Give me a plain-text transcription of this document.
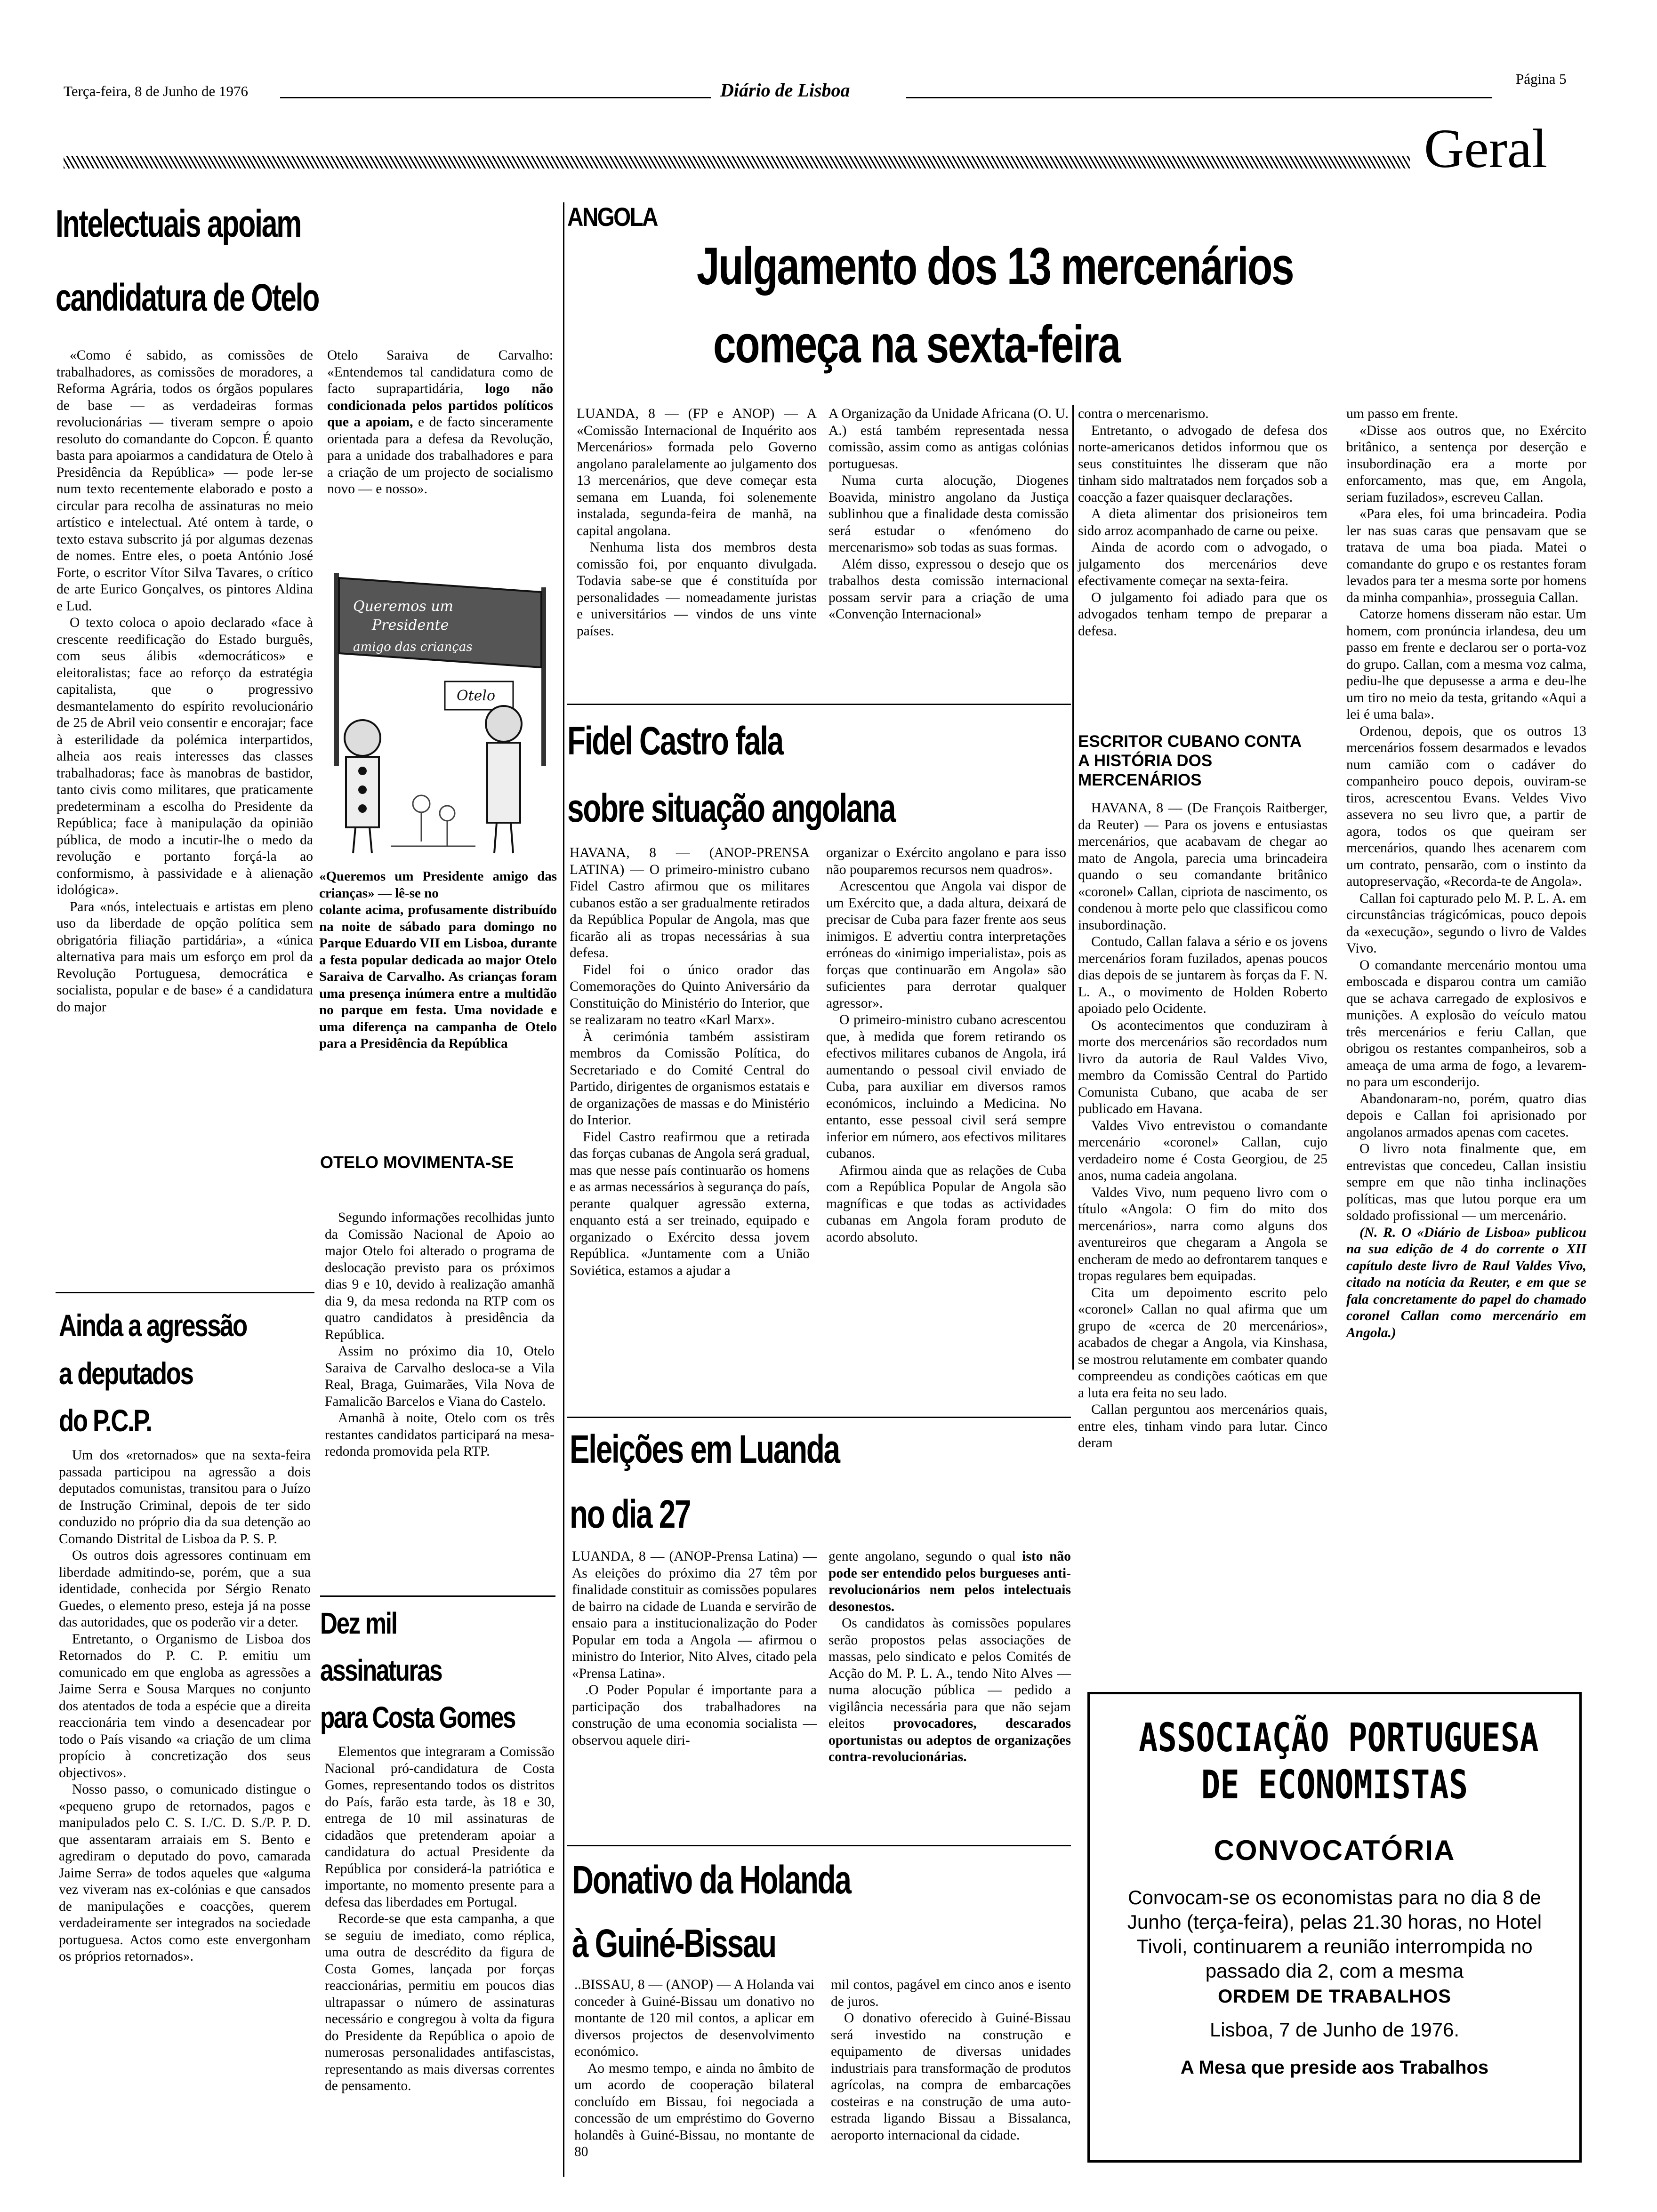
Terça-feira, 8 de Junho de 1976	Diário de Lisboa
Página 5
Geral
Intelectuais apoiam
candidatura de Otelo

«Como é sabido, as comissões de trabalhadores, as comissões de moradores, a Reforma Agrária, todos os órgãos populares de base — as verdadeiras formas revolucionárias — tiveram sempre o apoio resoluto do comandante do Copcon. É quanto basta para apoiarmos a candidatura de Otelo à Presidência da República» — pode ler-se num texto recentemente elaborado e posto a circular para recolha de assinaturas no meio artístico e intelectual. Até ontem à tarde, o texto estava subscrito já por algumas dezenas de nomes. Entre eles, o poeta António José Forte, o escritor Vítor Silva Tavares, o crítico de arte Eurico Gonçalves, os pintores Aldina e Lud.

O texto coloca o apoio declarado «face à crescente reedificação do Estado burguês, com seus álibis «democráticos» e eleitoralistas; face ao reforço da estratégia capitalista, que o progressivo desmantelamento do espírito revolucionário de 25 de Abril veio consentir e encorajar; face à esterilidade da polémica interpartidos, alheia aos reais interesses das classes trabalhadoras; face às manobras de bastidor, tanto civis como militares, que praticamente predeterminam a escolha do Presidente da República; face à manipulação da opinião pública, de modo a incutir-lhe o medo da revolução e portanto forçá-la ao conformismo, à passividade e à alienação idológica».

Para «nós, intelectuais e artistas em pleno uso da liberdade de opção política sem obrigatória filiação partidária», a «única alternativa para mais um esforço em prol da Revolução Portuguesa, democrática e socialista, popular e de base» é a candidatura do major

Otelo Saraiva de Carvalho: «Entendemos tal candidatura como de facto suprapartidária, logo não condicionada pelos partidos políticos que a apoiam, e de facto sinceramente orientada para a defesa da Revolução, para a unidade dos trabalhadores e para a criação de um projecto de socialismo novo — e nosso».

Queremos um
Presidente
amigo das crianças
Otelo

«Queremos um Presidente amigo das crianças» — lê-se no

colante acima, profusamente distribuído na noite de sábado para domingo no Parque Eduardo VII em Lisboa, durante a festa popular dedicada ao major Otelo Saraiva de Carvalho. As crianças foram uma presença inúmera entre a multidão no parque em festa. Uma novidade e uma diferença na campanha de Otelo para a Presidência da República

OTELO MOVIMENTA-SE

Segundo informações recolhidas junto da Comissão Nacional de Apoio ao major Otelo foi alterado o programa de deslocação previsto para os próximos dias 9 e 10, devido à realização amanhã dia 9, da mesa redonda na RTP com os quatro candidatos à presidência da República.

Assim no próximo dia 10, Otelo Saraiva de Carvalho desloca-se a Vila Real, Braga, Guimarães, Vila Nova de Famalicão Barcelos e Viana do Castelo.

Amanhã à noite, Otelo com os três restantes candidatos participará na mesa-redonda promovida pela RTP.

Ainda a agressão
a deputados
do P.C.P.

Um dos «retornados» que na sexta-feira passada participou na agressão a dois deputados comunistas, transitou para o Juízo de Instrução Criminal, depois de ter sido conduzido no próprio dia da sua detenção ao Comando Distrital de Lisboa da P. S. P.

Os outros dois agressores continuam em liberdade admitindo-se, porém, que a sua identidade, conhecida por Sérgio Renato Guedes, o elemento preso, esteja já na posse das autoridades, que os poderão vir a deter.

Entretanto, o Organismo de Lisboa dos Retornados do P. C. P. emitiu um comunicado em que engloba as agressões a Jaime Serra e Sousa Marques no conjunto dos atentados de toda a espécie que a direita reaccionária tem vindo a desencadear por todo o País visando «a criação de um clima propício à concretização dos seus objectivos».

Nosso passo, o comunicado distingue o «pequeno grupo de retornados, pagos e manipulados pelo C. S. I./C. D. S./P. P. D. que assentaram arraiais em S. Bento e agrediram o deputado do povo, camarada Jaime Serra» de todos aqueles que «alguma vez viveram nas ex-colónias e que cansados de manipulações e coacções, querem verdadeiramente ser integrados na sociedade portuguesa. Actos como este envergonham os próprios retornados».

Dez mil
assinaturas
para Costa Gomes

Elementos que integraram a Comissão Nacional pró-candidatura de Costa Gomes, representando todos os distritos do País, farão esta tarde, às 18 e 30, entrega de 10 mil assinaturas de cidadãos que pretenderam apoiar a candidatura do actual Presidente da República por considerá-la patriótica e importante, no momento presente para a defesa das liberdades em Portugal.

Recorde-se que esta campanha, a que se seguiu de imediato, como réplica, uma outra de descrédito da figura de Costa Gomes, lançada por forças reaccionárias, permitiu em poucos dias ultrapassar o número de assinaturas necessário e congregou à volta da figura do Presidente da República o apoio de numerosas personalidades antifascistas, representando as mais diversas correntes de pensamento.

ANGOLA
Julgamento dos 13 mercenários
começa na sexta-feira

LUANDA, 8 — (FP e ANOP) — A «Comissão Internacional de Inquérito aos Mercenários» formada pelo Governo angolano paralelamente ao julgamento dos 13 mercenários, que deve começar esta semana em Luanda, foi solenemente instalada, segunda-feira de manhã, na capital angolana.

Nenhuma lista dos membros desta comissão foi, por enquanto divulgada. Todavia sabe-se que é constituída por personalidades — nomeadamente juristas e universitários — vindos de uns vinte países.

A Organização da Unidade Africana (O. U. A.) está também representada nessa comissão, assim como as antigas colónias portuguesas.

Numa curta alocução, Diogenes Boavida, ministro angolano da Justiça sublinhou que a finalidade desta comissão será estudar o «fenómeno do mercenarismo» sob todas as suas formas.

Além disso, expressou o desejo que os trabalhos desta comissão internacional possam servir para a criação de uma «Convenção Internacional»

contra o mercenarismo.

Entretanto, o advogado de defesa dos norte-americanos detidos informou que os seus constituintes lhe disseram que não tinham sido maltratados nem forçados sob a coacção a fazer quaisquer declarações.

A dieta alimentar dos prisioneiros tem sido arroz acompanhado de carne ou peixe.

Ainda de acordo com o advogado, o julgamento dos mercenários deve efectivamente começar na sexta-feira.

O julgamento foi adiado para que os advogados tenham tempo de preparar a defesa.

ESCRITOR CUBANO CONTA A HISTÓRIA DOS MERCENÁRIOS

HAVANA, 8 — (De François Raitberger, da Reuter) — Para os jovens e entusiastas mercenários, que acabavam de chegar ao mato de Angola, parecia uma brincadeira quando o seu comandante britânico «coronel» Callan, cipriota de nascimento, os condenou à morte pelo que classificou como insubordinação.

Contudo, Callan falava a sério e os jovens mercenários foram fuzilados, apenas poucos dias depois de se juntarem às forças da F. N. L. A., o movimento de Holden Roberto apoiado pelo Ocidente.

Os acontecimentos que conduziram à morte dos mercenários são recordados num livro da autoria de Raul Valdes Vivo, membro da Comissão Central do Partido Comunista Cubano, que acaba de ser publicado em Havana.

Valdes Vivo entrevistou o comandante mercenário «coronel» Callan, cujo verdadeiro nome é Costa Georgiou, de 25 anos, numa cadeia angolana.

Valdes Vivo, num pequeno livro com o título «Angola: O fim do mito dos mercenários», narra como alguns dos aventureiros que chegaram a Angola se encheram de medo ao defrontarem tanques e tropas regulares bem equipadas.

Cita um depoimento escrito pelo «coronel» Callan no qual afirma que um grupo de «cerca de 20 mercenários», acabados de chegar a Angola, via Kinshasa, se mostrou relutamente em combater quando compreendeu as condições caóticas em que a luta era feita no seu lado.

Callan perguntou aos mercenários quais, entre eles, tinham vindo para lutar. Cinco deram

um passo em frente.

«Disse aos outros que, no Exército britânico, a sentença por deserção e insubordinação era a morte por enforcamento, mas que, em Angola, seriam fuzilados», escreveu Callan.

«Para eles, foi uma brincadeira. Podia ler nas suas caras que pensavam que se tratava de uma boa piada. Matei o comandante do grupo e os restantes foram levados para ter a mesma sorte por homens da minha companhia», prosseguia Callan.

Catorze homens disseram não estar. Um homem, com pronúncia irlandesa, deu um passo em frente e declarou ser o porta-voz do grupo. Callan, com a mesma voz calma, pediu-lhe que depusesse a arma e deu-lhe um tiro no meio da testa, gritando «Aqui a lei é uma bala».

Ordenou, depois, que os outros 13 mercenários fossem desarmados e levados num camião com o cadáver do companheiro pouco depois, ouviram-se tiros, acrescentou Evans. Veldes Vivo assevera no seu livro que, a partir de agora, todos os que queiram ser mercenários, quando lhes acenarem com um contrato, pensarão, com o instinto da autopreservação, «Recorda-te de Angola».

Callan foi capturado pelo M. P. L. A. em circunstâncias trágicómicas, pouco depois da «execução», segundo o livro de Valdes Vivo.

O comandante mercenário montou uma emboscada e disparou contra um camião que se achava carregado de explosivos e munições. A explosão do veículo matou três mercenários e feriu Callan, que obrigou os restantes companheiros, sob a ameaça de uma arma de fogo, a levarem-no para um esconderijo.

Abandonaram-no, porém, quatro dias depois e Callan foi aprisionado por angolanos armados apenas com cacetes.

O livro nota finalmente que, em entrevistas que concedeu, Callan insistiu sempre em que não tinha inclinações políticas, mas que lutou porque era um soldado profissional — um mercenário.

(N. R. O «Diário de Lisboa» publicou na sua edição de 4 do corrente o XII capítulo deste livro de Raul Valdes Vivo, citado na notícia da Reuter, e em que se fala concretamente do papel do chamado coronel Callan como mercenário em Angola.)

Fidel Castro fala
sobre situação angolana

HAVANA, 8 — (ANOP-PRENSA LATINA) — O primeiro-ministro cubano Fidel Castro afirmou que os militares cubanos estão a ser gradualmente retirados da República Popular de Angola, mas que ficarão ali as tropas necessárias à sua defesa.

Fidel foi o único orador das Comemorações do Quinto Aniversário da Constituição do Ministério do Interior, que se realizaram no teatro «Karl Marx».

À cerimónia também assistiram membros da Comissão Política, do Secretariado e do Comité Central do Partido, dirigentes de organismos estatais e de organizações de massas e do Ministério do Interior.

Fidel Castro reafirmou que a retirada das forças cubanas de Angola será gradual, mas que nesse país continuarão os homens e as armas necessários à segurança do país, perante qualquer agressão externa, enquanto está a ser treinado, equipado e organizado o Exército dessa jovem República. «Juntamente com a União Soviética, estamos a ajudar a

organizar o Exército angolano e para isso não pouparemos recursos nem quadros».

Acrescentou que Angola vai dispor de um Exército que, a dada altura, deixará de precisar de Cuba para fazer frente aos seus inimigos. E advertiu contra interpretações erróneas do «inimigo imperialista», pois as forças que continuarão em Angola» são suficientes para derrotar qualquer agressor».

O primeiro-ministro cubano acrescentou que, à medida que forem retirando os efectivos militares cubanos de Angola, irá aumentando o pessoal civil enviado de Cuba, para auxiliar em diversos ramos económicos, incluindo a Medicina. No entanto, esse pessoal civil será sempre inferior em número, aos efectivos militares cubanos.

Afirmou ainda que as relações de Cuba com a República Popular de Angola são magníficas e que todas as actividades cubanas em Angola foram produto de acordo absoluto.

Eleições em Luanda
no dia 27

LUANDA, 8 — (ANOP-Prensa Latina) — As eleições do próximo dia 27 têm por finalidade constituir as comissões populares de bairro na cidade de Luanda e servirão de ensaio para a institucionalização do Poder Popular em toda a Angola — afirmou o ministro do Interior, Nito Alves, citado pela «Prensa Latina».

.O Poder Popular é importante para a participação dos trabalhadores na construção de uma economia socialista — observou aquele diri-

gente angolano, segundo o qual isto não pode ser entendido pelos burgueses anti-revolucionários nem pelos intelectuais desonestos.

Os candidatos às comissões populares serão propostos pelas associações de massas, pelo sindicato e pelos Comités de Acção do M. P. L. A., tendo Nito Alves — numa alocução pública — pedido a vigilância necessária para que não sejam eleitos provocadores, descarados oportunistas ou adeptos de organizações contra-revolucionárias.

Donativo da Holanda
à Guiné-Bissau

..BISSAU, 8 — (ANOP) — A Holanda vai conceder à Guiné-Bissau um donativo no montante de 120 mil contos, a aplicar em diversos projectos de desenvolvimento económico.

Ao mesmo tempo, e ainda no âmbito de um acordo de cooperação bilateral concluído em Bissau, foi negociada a concessão de um empréstimo do Governo holandês à Guiné-Bissau, no montante de 80

mil contos, pagável em cinco anos e isento de juros.

O donativo oferecido à Guiné-Bissau será investido na construção e equipamento de diversas unidades industriais para transformação de produtos agrícolas, na compra de embarcações costeiras e na construção de uma auto-estrada ligando Bissau a Bissalanca, aeroporto internacional da cidade.

ASSOCIAÇÃO PORTUGUESA
DE ECONOMISTAS
CONVOCATÓRIA
Convocam-se os economistas para no dia 8 de Junho (terça-feira), pelas 21.30 horas, no Hotel Tivoli, continuarem a reunião interrompida no passado dia 2, com a mesma
ORDEM DE TRABALHOS
Lisboa, 7 de Junho de 1976.
A Mesa que preside aos Trabalhos
